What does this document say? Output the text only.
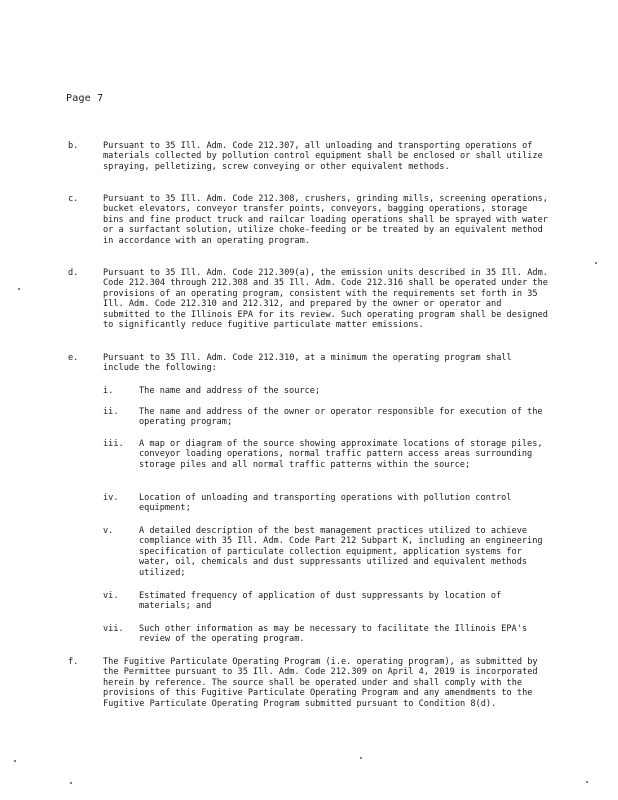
Page 7
b.	Pursuant to 35 Ill. Adm. Code 212.307, all unloading and transporting operations of materials collected by pollution control equipment shall be enclosed or shall utilize spraying, pelletizing, screw conveying or other equivalent methods.
c.	Pursuant to 35 Ill. Adm. Code 212.308, crushers, grinding mills, screening operations, bucket elevators, conveyor transfer points, conveyors, bagging operations, storage bins and fine product truck and railcar loading operations shall be sprayed with water or a surfactant solution, utilize choke-feeding or be treated by an equivalent method in accordance with an operating program.
d.	Pursuant to 35 Ill. Adm. Code 212.309(a), the emission units described in 35 Ill. Adm. Code 212.304 through 212.308 and 35 Ill. Adm. Code 212.316 shall be operated under the provisions of an operating program, consistent with the requirements set forth in 35 Ill. Adm. Code 212.310 and 212.312, and prepared by the owner or operator and submitted to the Illinois EPA for its review. Such operating program shall be designed to significantly reduce fugitive particulate matter emissions.
e.	Pursuant to 35 Ill. Adm. Code 212.310, at a minimum the operating program shall include the following:
i.	The name and address of the source;
ii. The name and address of the owner or operator responsible for execution of the operating program;
iii. A map or diagram of the source showing approximate locations of storage piles, conveyor loading operations, normal traffic pattern access areas surrounding storage piles and all normal traffic patterns within the source;
iv. Location of unloading and transporting operations with pollution control equipment;
v.	A detailed description of the best management practices utilized to achieve compliance with 35 Ill. Adm. Code Part 212 Subpart K, including an engineering specification of particulate collection equipment, application systems for water, oil, chemicals and dust suppressants utilized and equivalent methods utilized;
vi. Estimated frequency of application of dust suppressants by location of materials; and
vii. Such other information as may be necessary to facilitate the Illinois EPA's review of the operating program.
f.	The Fugitive Particulate Operating Program (i.e. operating program), as submitted by the Permittee pursuant to 35 Ill. Adm. Code 212.309 on April 4, 2019 is incorporated herein by reference. The source shall be operated under and shall comply with the provisions of this Fugitive Particulate Operating Program and any amendments to the Fugitive Particulate Operating Program submitted pursuant to Condition 8(d).
